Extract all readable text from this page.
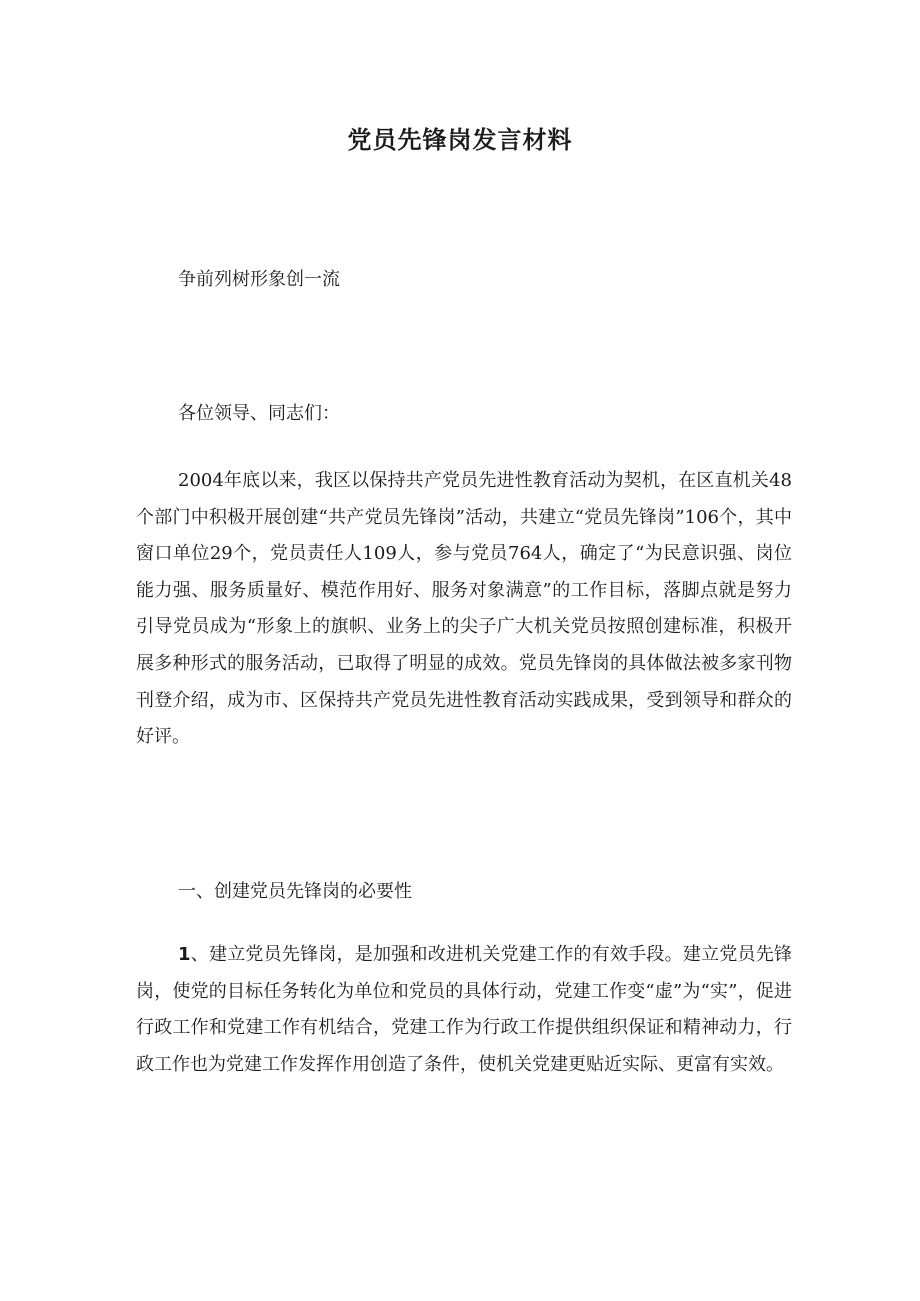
党员先锋岗发言材料

争前列树形象创一流

各位领导、同志们：

2004年底以来，我区以保持共产党员先进性教育活动为契机，在区直机关48个部门中积极开展创建“共产党员先锋岗”活动，共建立“党员先锋岗”106个，其中窗口单位29个，党员责任人109人，参与党员764人，确定了“为民意识强、岗位能力强、服务质量好、模范作用好、服务对象满意”的工作目标，落脚点就是努力引导党员成为“形象上的旗帜、业务上的尖子广大机关党员按照创建标准，积极开展多种形式的服务活动，已取得了明显的成效。党员先锋岗的具体做法被多家刊物刊登介绍，成为市、区保持共产党员先进性教育活动实践成果，受到领导和群众的好评。

一、创建党员先锋岗的必要性

1、建立党员先锋岗，是加强和改进机关党建工作的有效手段。建立党员先锋岗，使党的目标任务转化为单位和党员的具体行动，党建工作变“虚”为“实”，促进行政工作和党建工作有机结合，党建工作为行政工作提供组织保证和精神动力，行政工作也为党建工作发挥作用创造了条件，使机关党建更贴近实际、更富有实效。
